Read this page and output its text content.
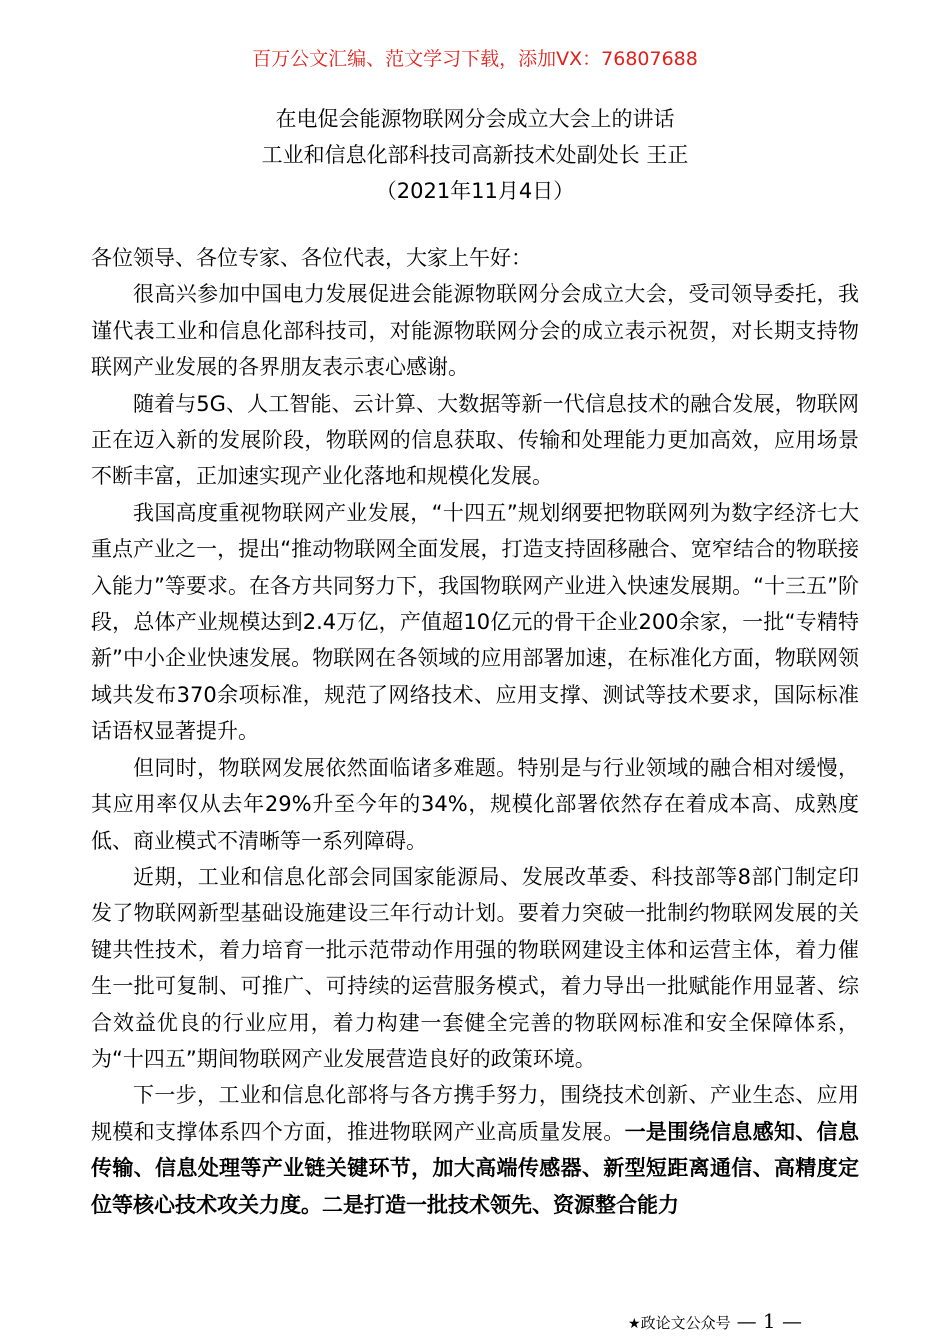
百万公文汇编、范文学习下载，添加VX：76807688
在电促会能源物联网分会成立大会上的讲话
工业和信息化部科技司高新技术处副处长 王正
（2021年11月4日）

各位领导、各位专家、各位代表，大家上午好：

很高兴参加中国电力发展促进会能源物联网分会成立大会，受司领导委托，我谨代表工业和信息化部科技司，对能源物联网分会的成立表示祝贺，对长期支持物联网产业发展的各界朋友表示衷心感谢。

随着与5G、人工智能、云计算、大数据等新一代信息技术的融合发展，物联网正在迈入新的发展阶段，物联网的信息获取、传输和处理能力更加高效，应用场景不断丰富，正加速实现产业化落地和规模化发展。

我国高度重视物联网产业发展，“十四五”规划纲要把物联网列为数字经济七大重点产业之一，提出“推动物联网全面发展，打造支持固移融合、宽窄结合的物联接入能力”等要求。在各方共同努力下，我国物联网产业进入快速发展期。“十三五”阶段，总体产业规模达到2.4万亿，产值超10亿元的骨干企业200余家，一批“专精特新”中小企业快速发展。物联网在各领域的应用部署加速，在标准化方面，物联网领域共发布370余项标准，规范了网络技术、应用支撑、测试等技术要求，国际标准话语权显著提升。

但同时，物联网发展依然面临诸多难题。特别是与行业领域的融合相对缓慢，其应用率仅从去年29%升至今年的34%，规模化部署依然存在着成本高、成熟度低、商业模式不清晰等一系列障碍。

近期，工业和信息化部会同国家能源局、发展改革委、科技部等8部门制定印发了物联网新型基础设施建设三年行动计划。要着力突破一批制约物联网发展的关键共性技术，着力培育一批示范带动作用强的物联网建设主体和运营主体，着力催生一批可复制、可推广、可持续的运营服务模式，着力导出一批赋能作用显著、综合效益优良的行业应用，着力构建一套健全完善的物联网标准和安全保障体系，为“十四五”期间物联网产业发展营造良好的政策环境。

下一步，工业和信息化部将与各方携手努力，围绕技术创新、产业生态、应用规模和支撑体系四个方面，推进物联网产业高质量发展。一是围绕信息感知、信息传输、信息处理等产业链关键环节，加大高端传感器、新型短距离通信、高精度定位等核心技术攻关力度。二是打造一批技术领先、资源整合能力

★政论文公众号 — 1 —
